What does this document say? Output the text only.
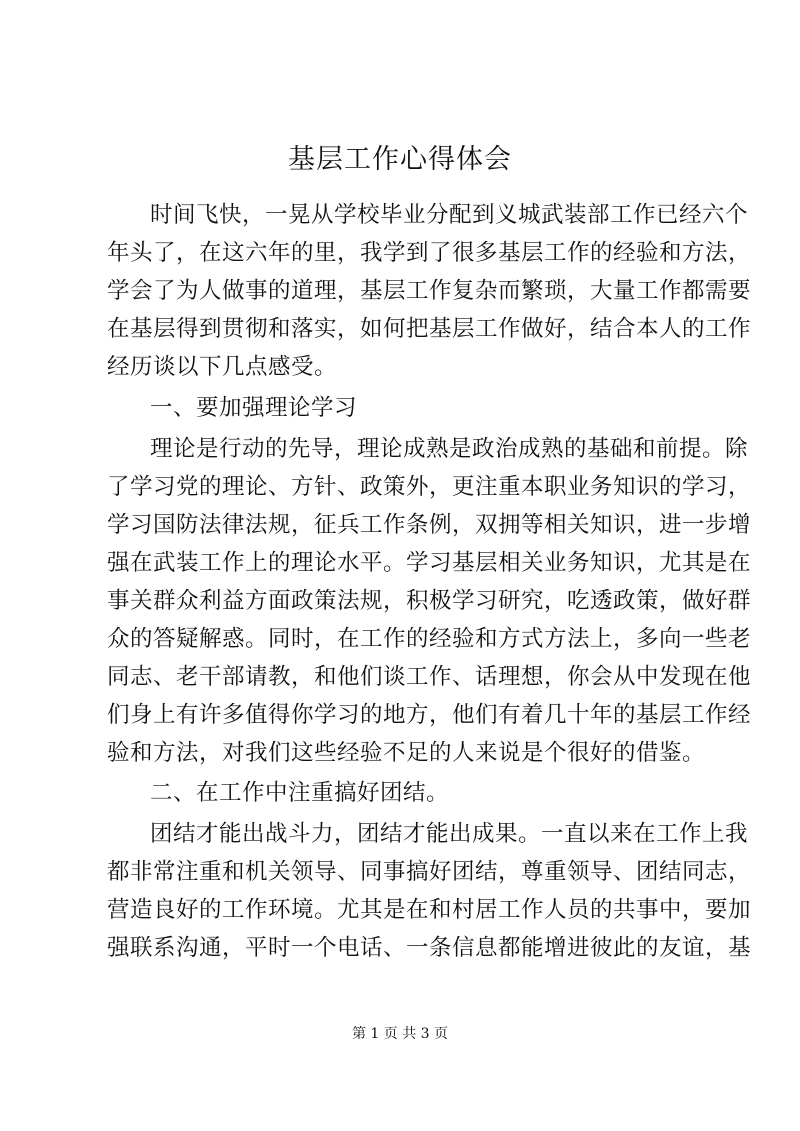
基层工作心得体会

时间飞快，一晃从学校毕业分配到义城武装部工作已经六个

年头了，在这六年的里，我学到了很多基层工作的经验和方法，

学会了为人做事的道理，基层工作复杂而繁琐，大量工作都需要

在基层得到贯彻和落实，如何把基层工作做好，结合本人的工作

经历谈以下几点感受。

一、要加强理论学习

理论是行动的先导，理论成熟是政治成熟的基础和前提。除

了学习党的理论、方针、政策外，更注重本职业务知识的学习，

学习国防法律法规，征兵工作条例，双拥等相关知识，进一步增

强在武装工作上的理论水平。学习基层相关业务知识，尤其是在

事关群众利益方面政策法规，积极学习研究，吃透政策，做好群

众的答疑解惑。同时，在工作的经验和方式方法上，多向一些老

同志、老干部请教，和他们谈工作、话理想，你会从中发现在他

们身上有许多值得你学习的地方，他们有着几十年的基层工作经

验和方法，对我们这些经验不足的人来说是个很好的借鉴。

二、在工作中注重搞好团结。

团结才能出战斗力，团结才能出成果。一直以来在工作上我

都非常注重和机关领导、同事搞好团结，尊重领导、团结同志，

营造良好的工作环境。尤其是在和村居工作人员的共事中，要加

强联系沟通，平时一个电话、一条信息都能增进彼此的友谊，基

第 1 页 共 3 页
